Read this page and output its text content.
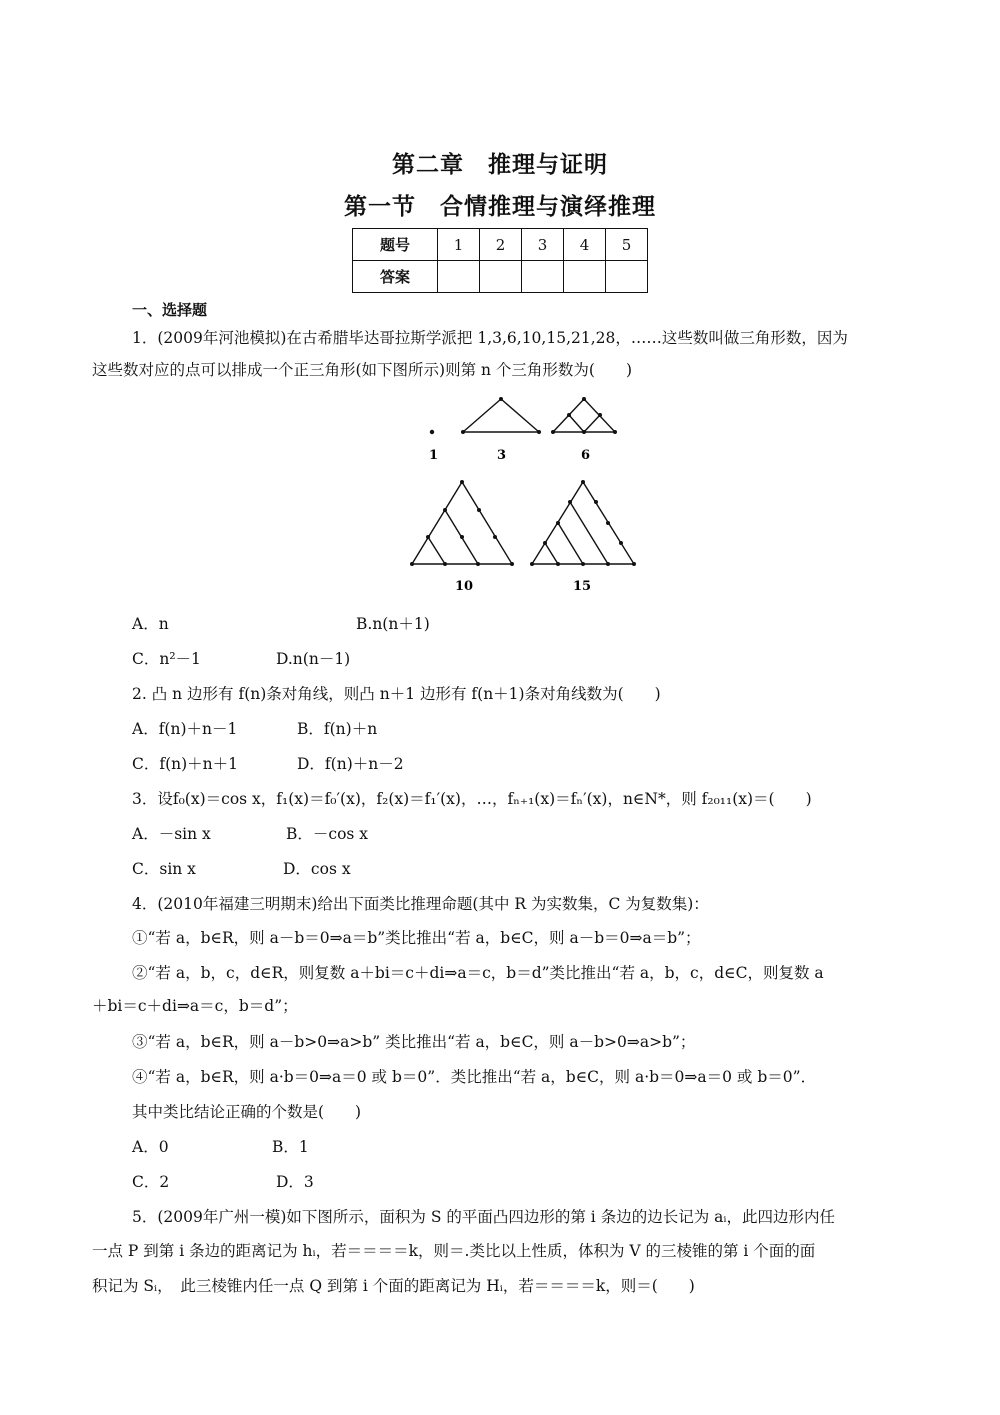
第二章　推理与证明
第一节　合情推理与演绎推理
题号	1	2	3	4	5
答案					
一、选择题
1．(2009年河池模拟)在古希腊毕达哥拉斯学派把 1,3,6,10,15,21,28，……这些数叫做三角形数，因为
这些数对应的点可以排成一个正三角形(如下图所示)则第 n 个三角形数为(　　)
1	3	6
10	15
A．n	B.n(n＋1)
C．n²－1	D.n(n－1)
2. 凸 n 边形有 f(n)条对角线，则凸 n＋1 边形有 f(n＋1)条对角线数为(　　)
A．f(n)＋n－1	B．f(n)＋n
C．f(n)＋n＋1	D．f(n)＋n－2
3．设f₀(x)＝cos x，f₁(x)＝f₀′(x)，f₂(x)＝f₁′(x)，…，fₙ₊₁(x)＝fₙ′(x)，n∈N*，则 f₂₀₁₁(x)＝(　　)
A．－sin x	B．－cos x
C．sin x	D．cos x
4．(2010年福建三明期末)给出下面类比推理命题(其中 R 为实数集，C 为复数集)：
①“若 a，b∈R，则 a－b＝0⇒a＝b”类比推出“若 a，b∈C，则 a－b＝0⇒a＝b”；
②“若 a，b，c，d∈R，则复数 a＋bi＝c＋di⇒a＝c，b＝d”类比推出“若 a，b，c，d∈C，则复数 a
＋bi＝c＋di⇒a＝c，b＝d”；
③“若 a，b∈R，则 a－b>0⇒a>b” 类比推出“若 a，b∈C，则 a－b>0⇒a>b”；
④“若 a，b∈R，则 a·b＝0⇒a＝0 或 b＝0”．类比推出“若 a，b∈C，则 a·b＝0⇒a＝0 或 b＝0”．
其中类比结论正确的个数是(　　)
A．0	B．1
C．2	D．3
5．(2009年广州一模)如下图所示，面积为 S 的平面凸四边形的第 i 条边的边长记为 aᵢ，此四边形内任
一点 P 到第 i 条边的距离记为 hᵢ，若＝＝＝＝k，则＝.类比以上性质，体积为 V 的三棱锥的第 i 个面的面
积记为 Sᵢ，　此三棱锥内任一点 Q 到第 i 个面的距离记为 Hᵢ，若＝＝＝＝k，则＝(　　)
